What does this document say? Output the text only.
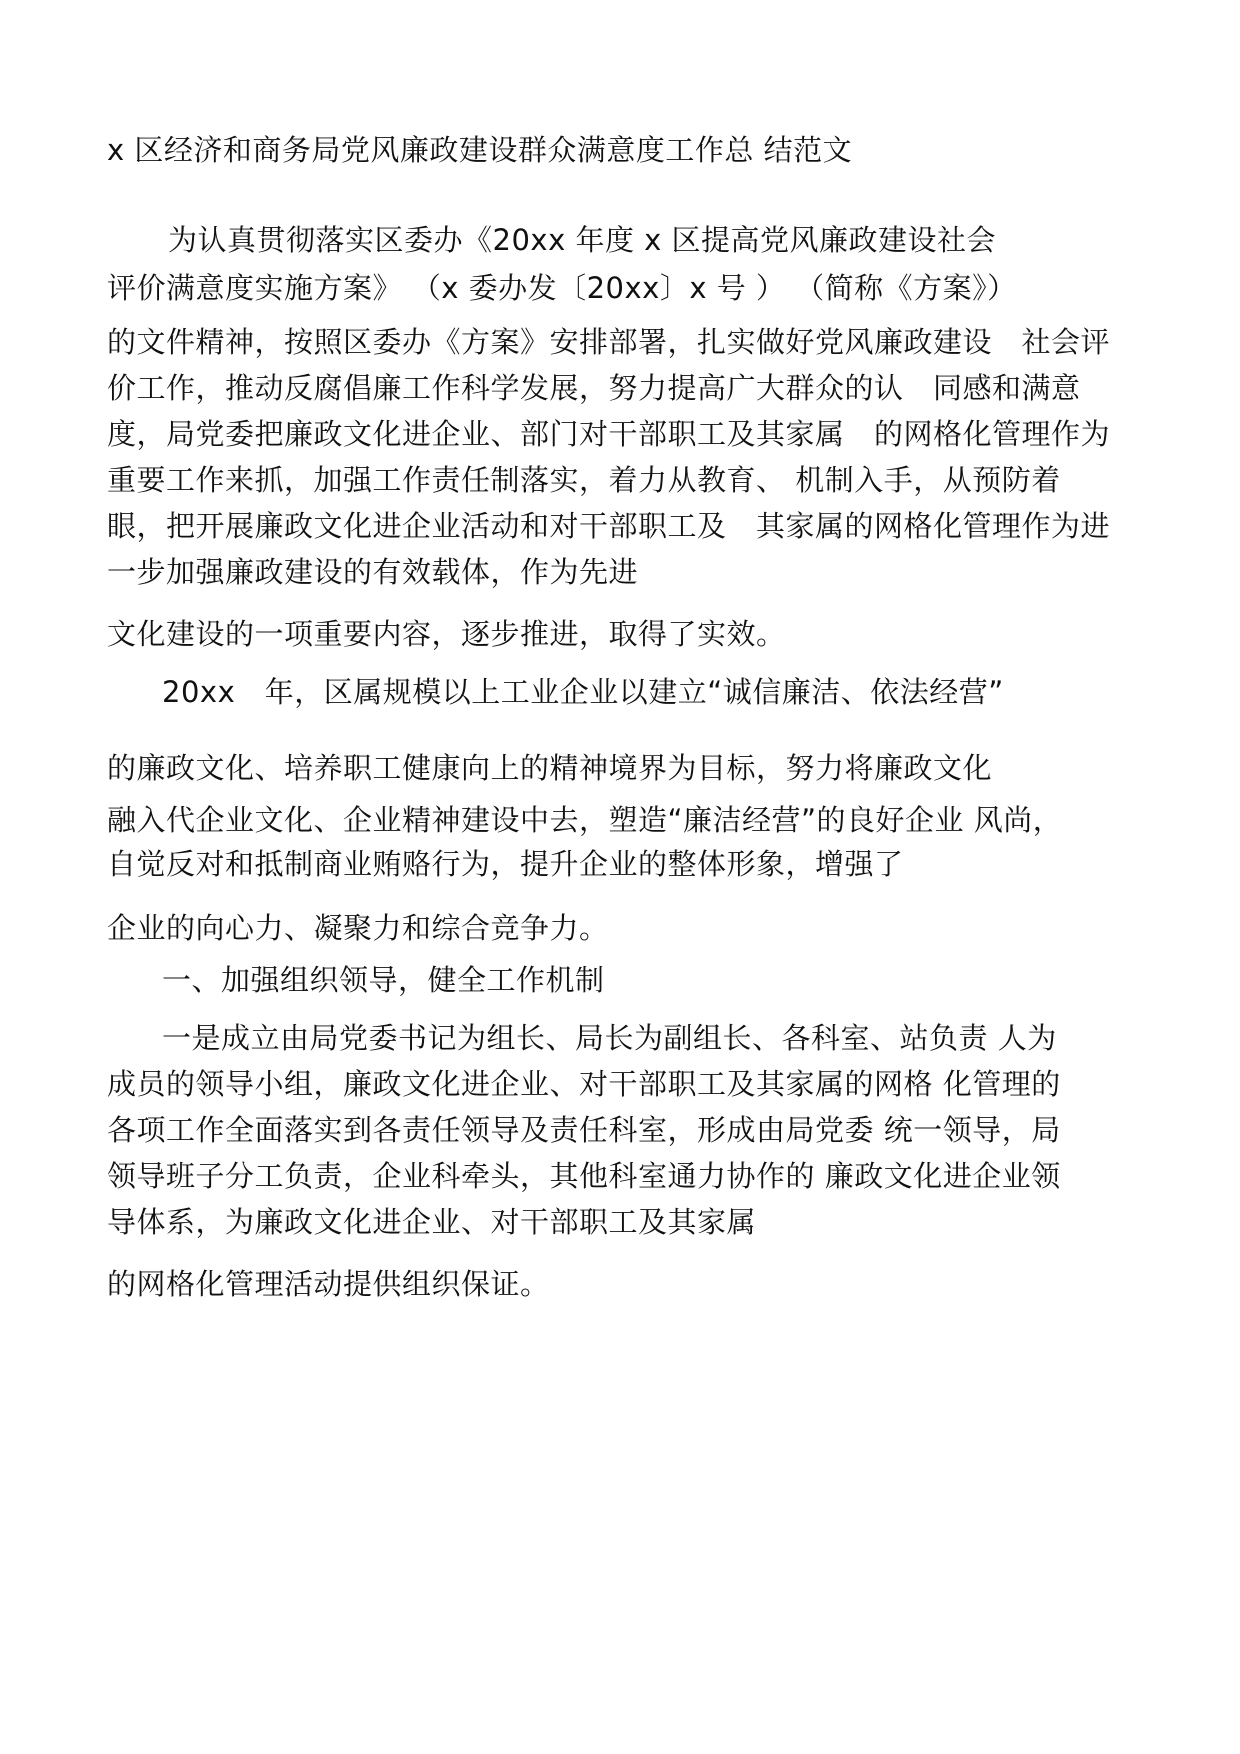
x 区经济和商务局党风廉政建设群众满意度工作总 结范文
为认真贯彻落实区委办《20xx 年度 x 区提高党风廉政建设社会
评价满意度实施方案》 （x 委办发〔20xx〕x 号 ） （简称《方案》）
的文件精神，按照区委办《方案》安排部署，扎实做好党风廉政建设　社会评
价工作，推动反腐倡廉工作科学发展，努力提高广大群众的认　同感和满意
度，局党委把廉政文化进企业、部门对干部职工及其家属　的网格化管理作为
重要工作来抓，加强工作责任制落实，着力从教育、 机制入手，从预防着
眼，把开展廉政文化进企业活动和对干部职工及　其家属的网格化管理作为进
一步加强廉政建设的有效载体，作为先进
文化建设的一项重要内容，逐步推进，取得了实效。
20xx　年，区属规模以上工业企业以建立“诚信廉洁、依法经营”
的廉政文化、培养职工健康向上的精神境界为目标，努力将廉政文化
融入代企业文化、企业精神建设中去，塑造“廉洁经营”的良好企业 风尚，
自觉反对和抵制商业贿赂行为，提升企业的整体形象，增强了
企业的向心力、凝聚力和综合竞争力。
一、加强组织领导，健全工作机制
一是成立由局党委书记为组长、局长为副组长、各科室、站负责 人为
成员的领导小组，廉政文化进企业、对干部职工及其家属的网格 化管理的
各项工作全面落实到各责任领导及责任科室，形成由局党委 统一领导，局
领导班子分工负责，企业科牵头，其他科室通力协作的 廉政文化进企业领
导体系，为廉政文化进企业、对干部职工及其家属
的网格化管理活动提供组织保证。
